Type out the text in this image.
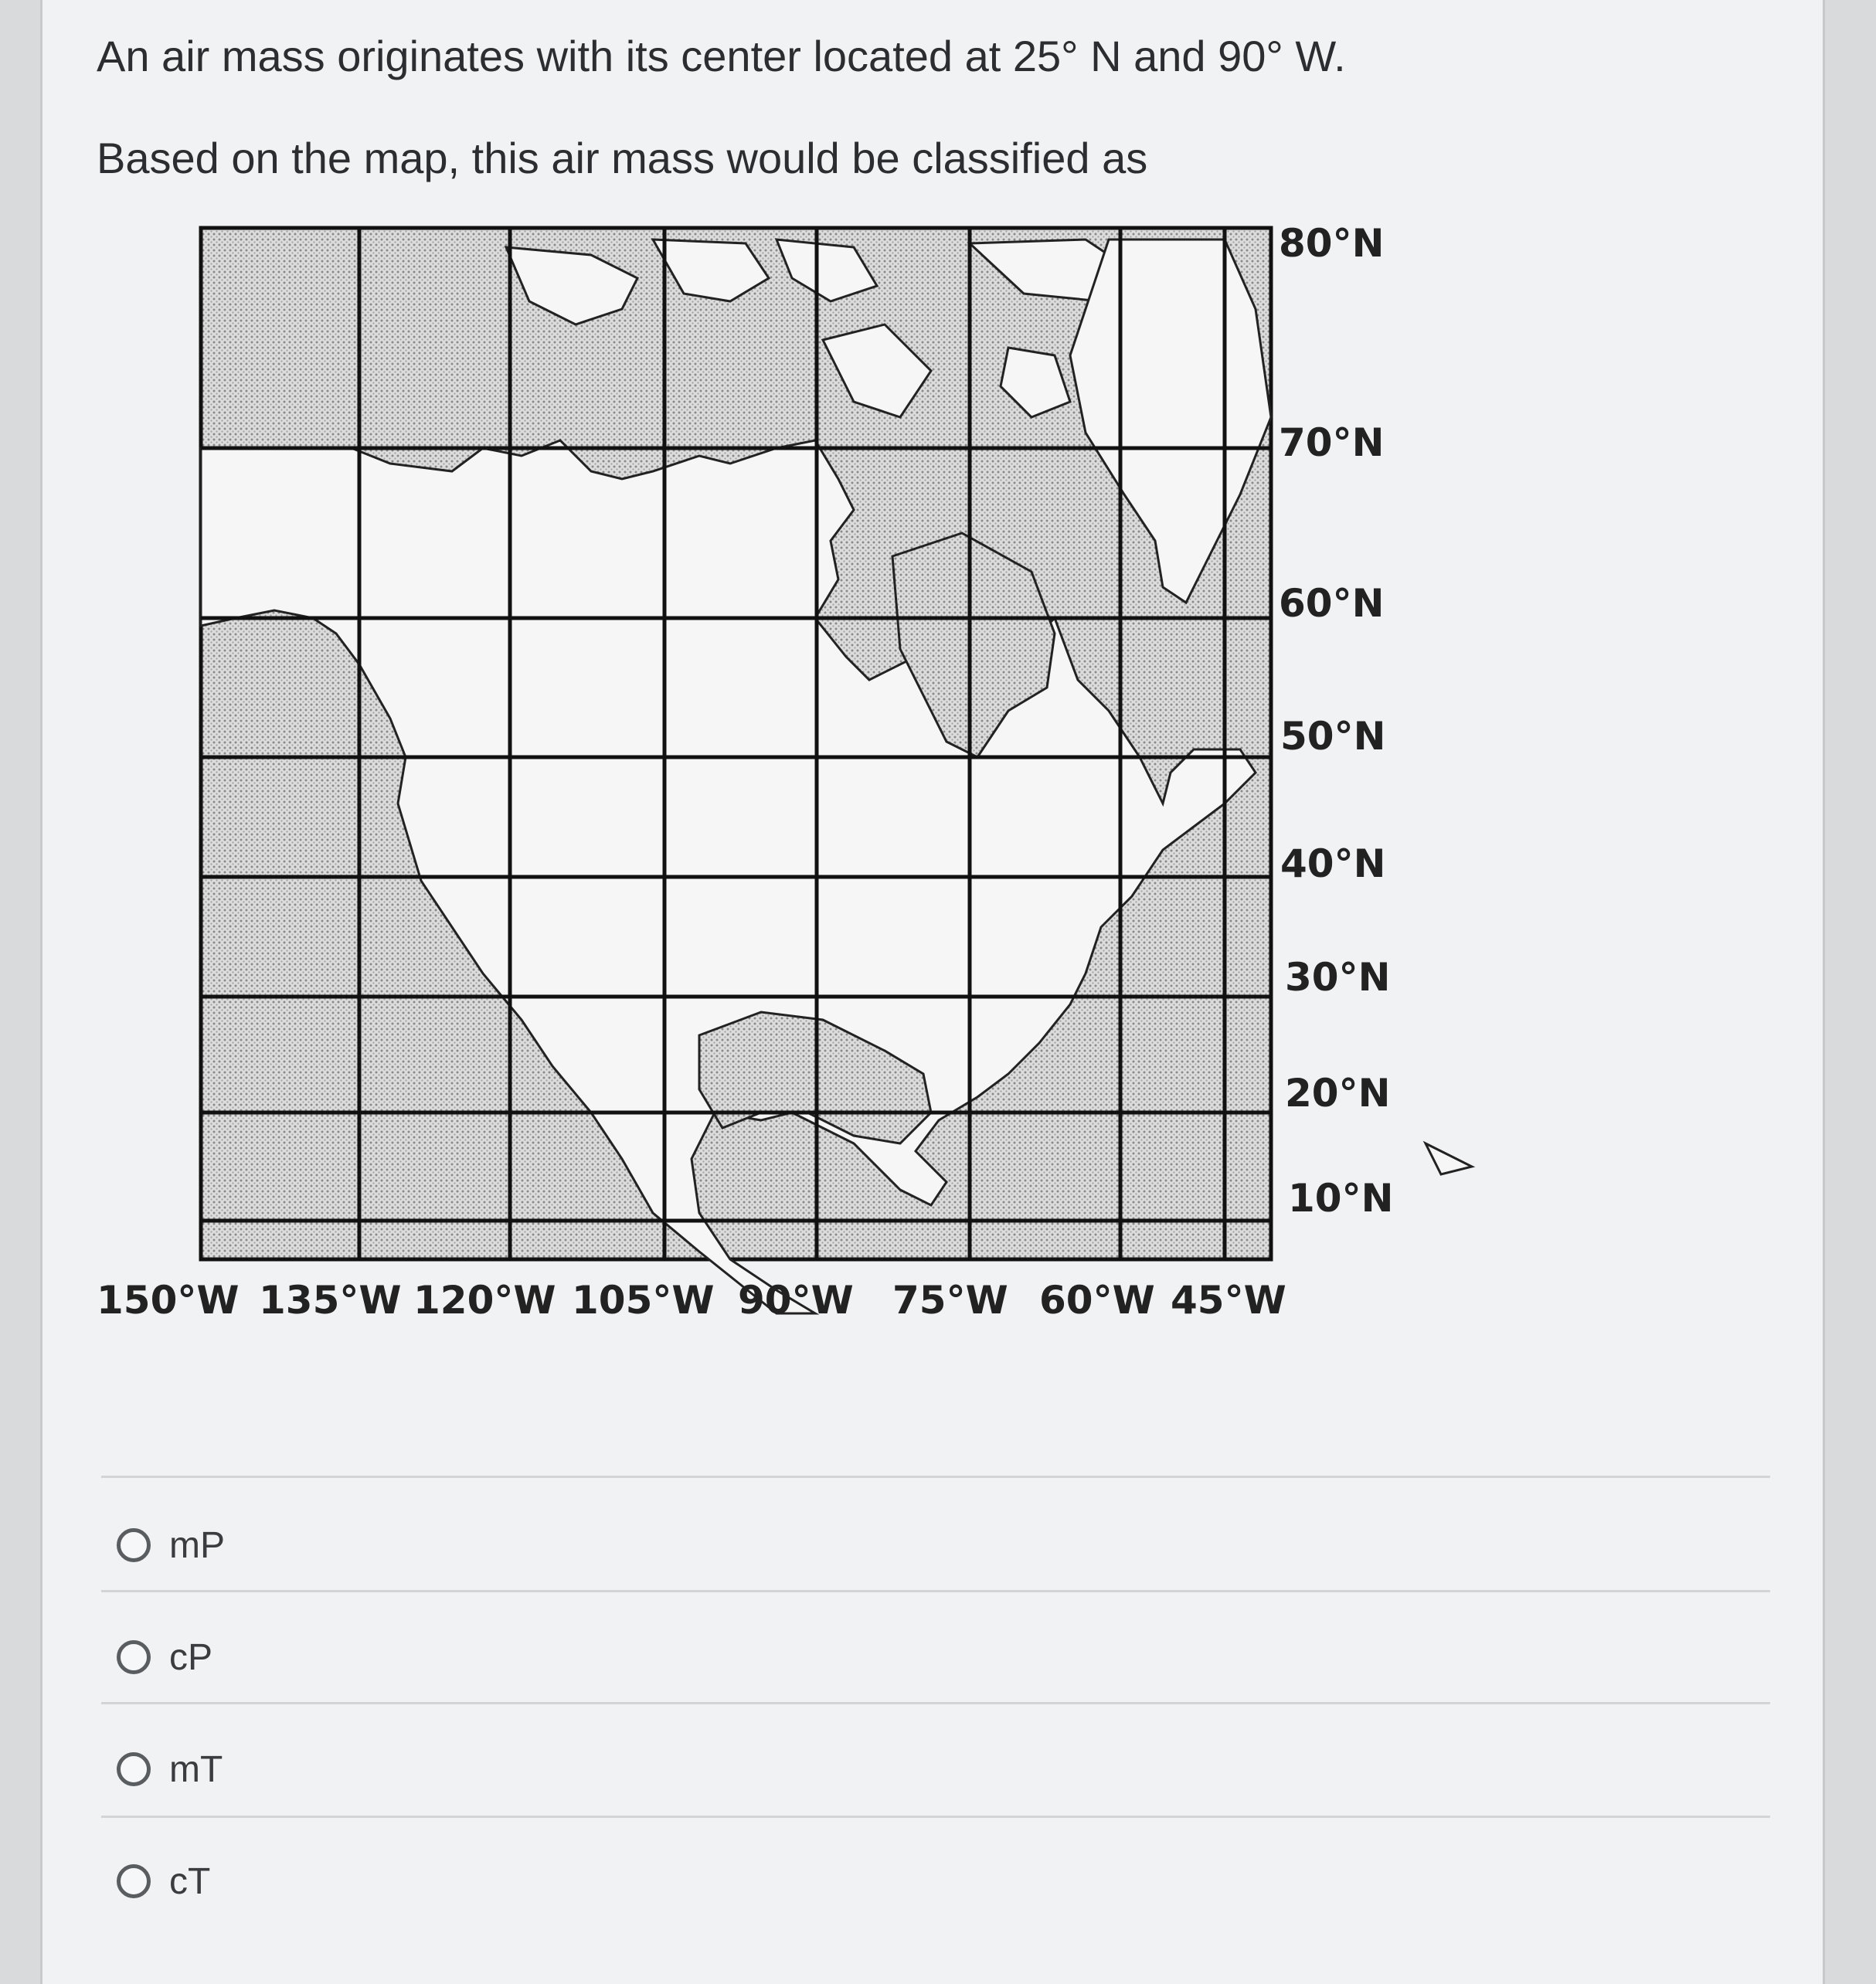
An air mass originates with its center located at 25° N and 90° W.
Based on the map, this air mass would be classified as
80°N
70°N
60°N
50°N
40°N
30°N
20°N
10°N
150°W 135°W 120°W 105°W 90°W 75°W 60°W 45°W
mP
cP
mT
cT
